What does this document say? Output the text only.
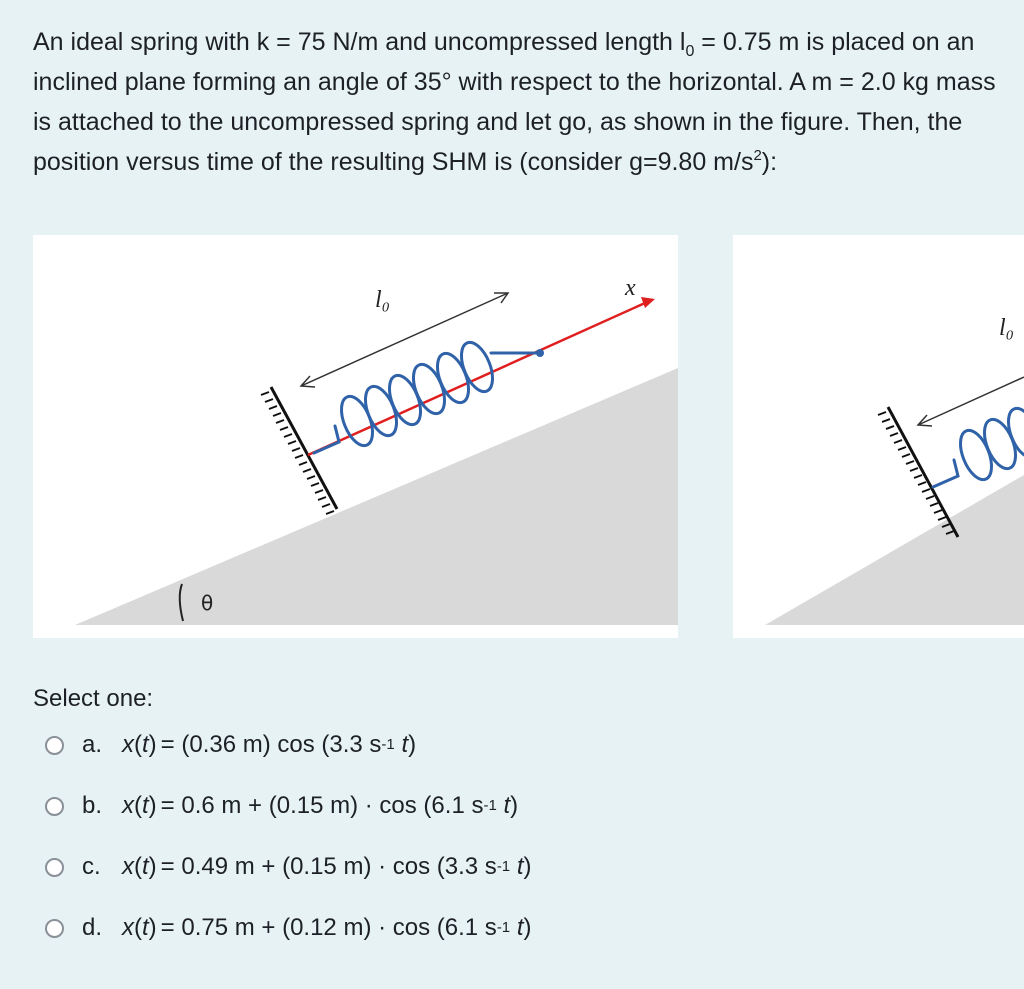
An ideal spring with k = 75 N/m and uncompressed length $l_0 = 0.75$ m is placed on an inclined plane forming an angle of 35° with respect to the horizontal. A m = 2.0 kg mass is attached to the uncompressed spring and let go, as shown in the figure. Then, the position versus time of the resulting SHM is (consider g=9.80 $m/s^2$):
l₀	x
θ
l₀
Select one:
a. x(t) = (0.36 m) cos (3.3 s -1 t)
b. x(t) = 0.6 m + (0.15 m) · cos (6.1 s -1 t)
c. x(t) = 0.49 m + (0.15 m) · cos (3.3 s -1 t)
d. x(t) = 0.75 m + (0.12 m) · cos (6.1 s -1 t)
